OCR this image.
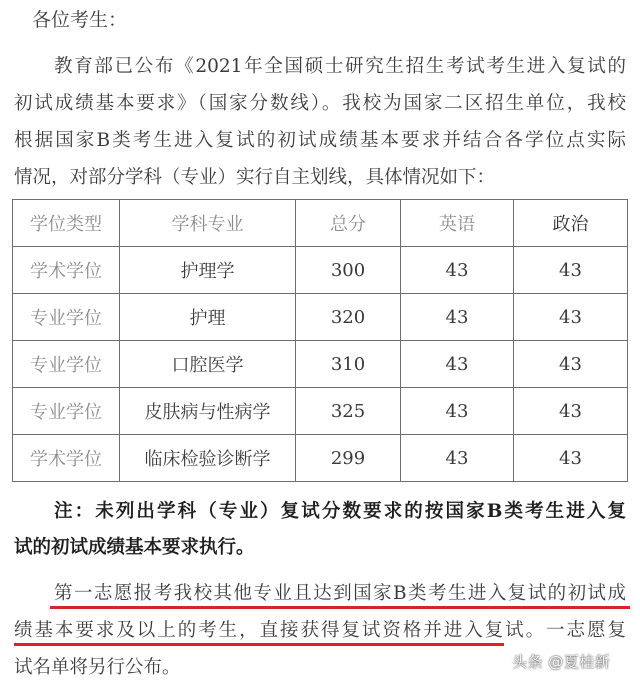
各位考生：
教育部已公布《2021年全国硕士研究生招生考试考生进入复试的
初试成绩基本要求》（国家分数线）。我校为国家二区招生单位，我校
根据国家B类考生进入复试的初试成绩基本要求并结合各学位点实际
情况，对部分学科（专业）实行自主划线，具体情况如下：
学位类型	学科专业	总分	英语	政治
学术学位	护理学	300	43	43
专业学位	护理	320	43	43
专业学位	口腔医学	310	43	43
专业学位	皮肤病与性病学	325	43	43
学术学位	临床检验诊断学	299	43	43
注：未列出学科（专业）复试分数要求的按国家B类考生进入复
试的初试成绩基本要求执行。
第一志愿报考我校其他专业且达到国家B类考生进入复试的初试成
绩基本要求及以上的考生，直接获得复试资格并进入复试。一志愿复
试名单将另行公布。	头条 @夏桂新
